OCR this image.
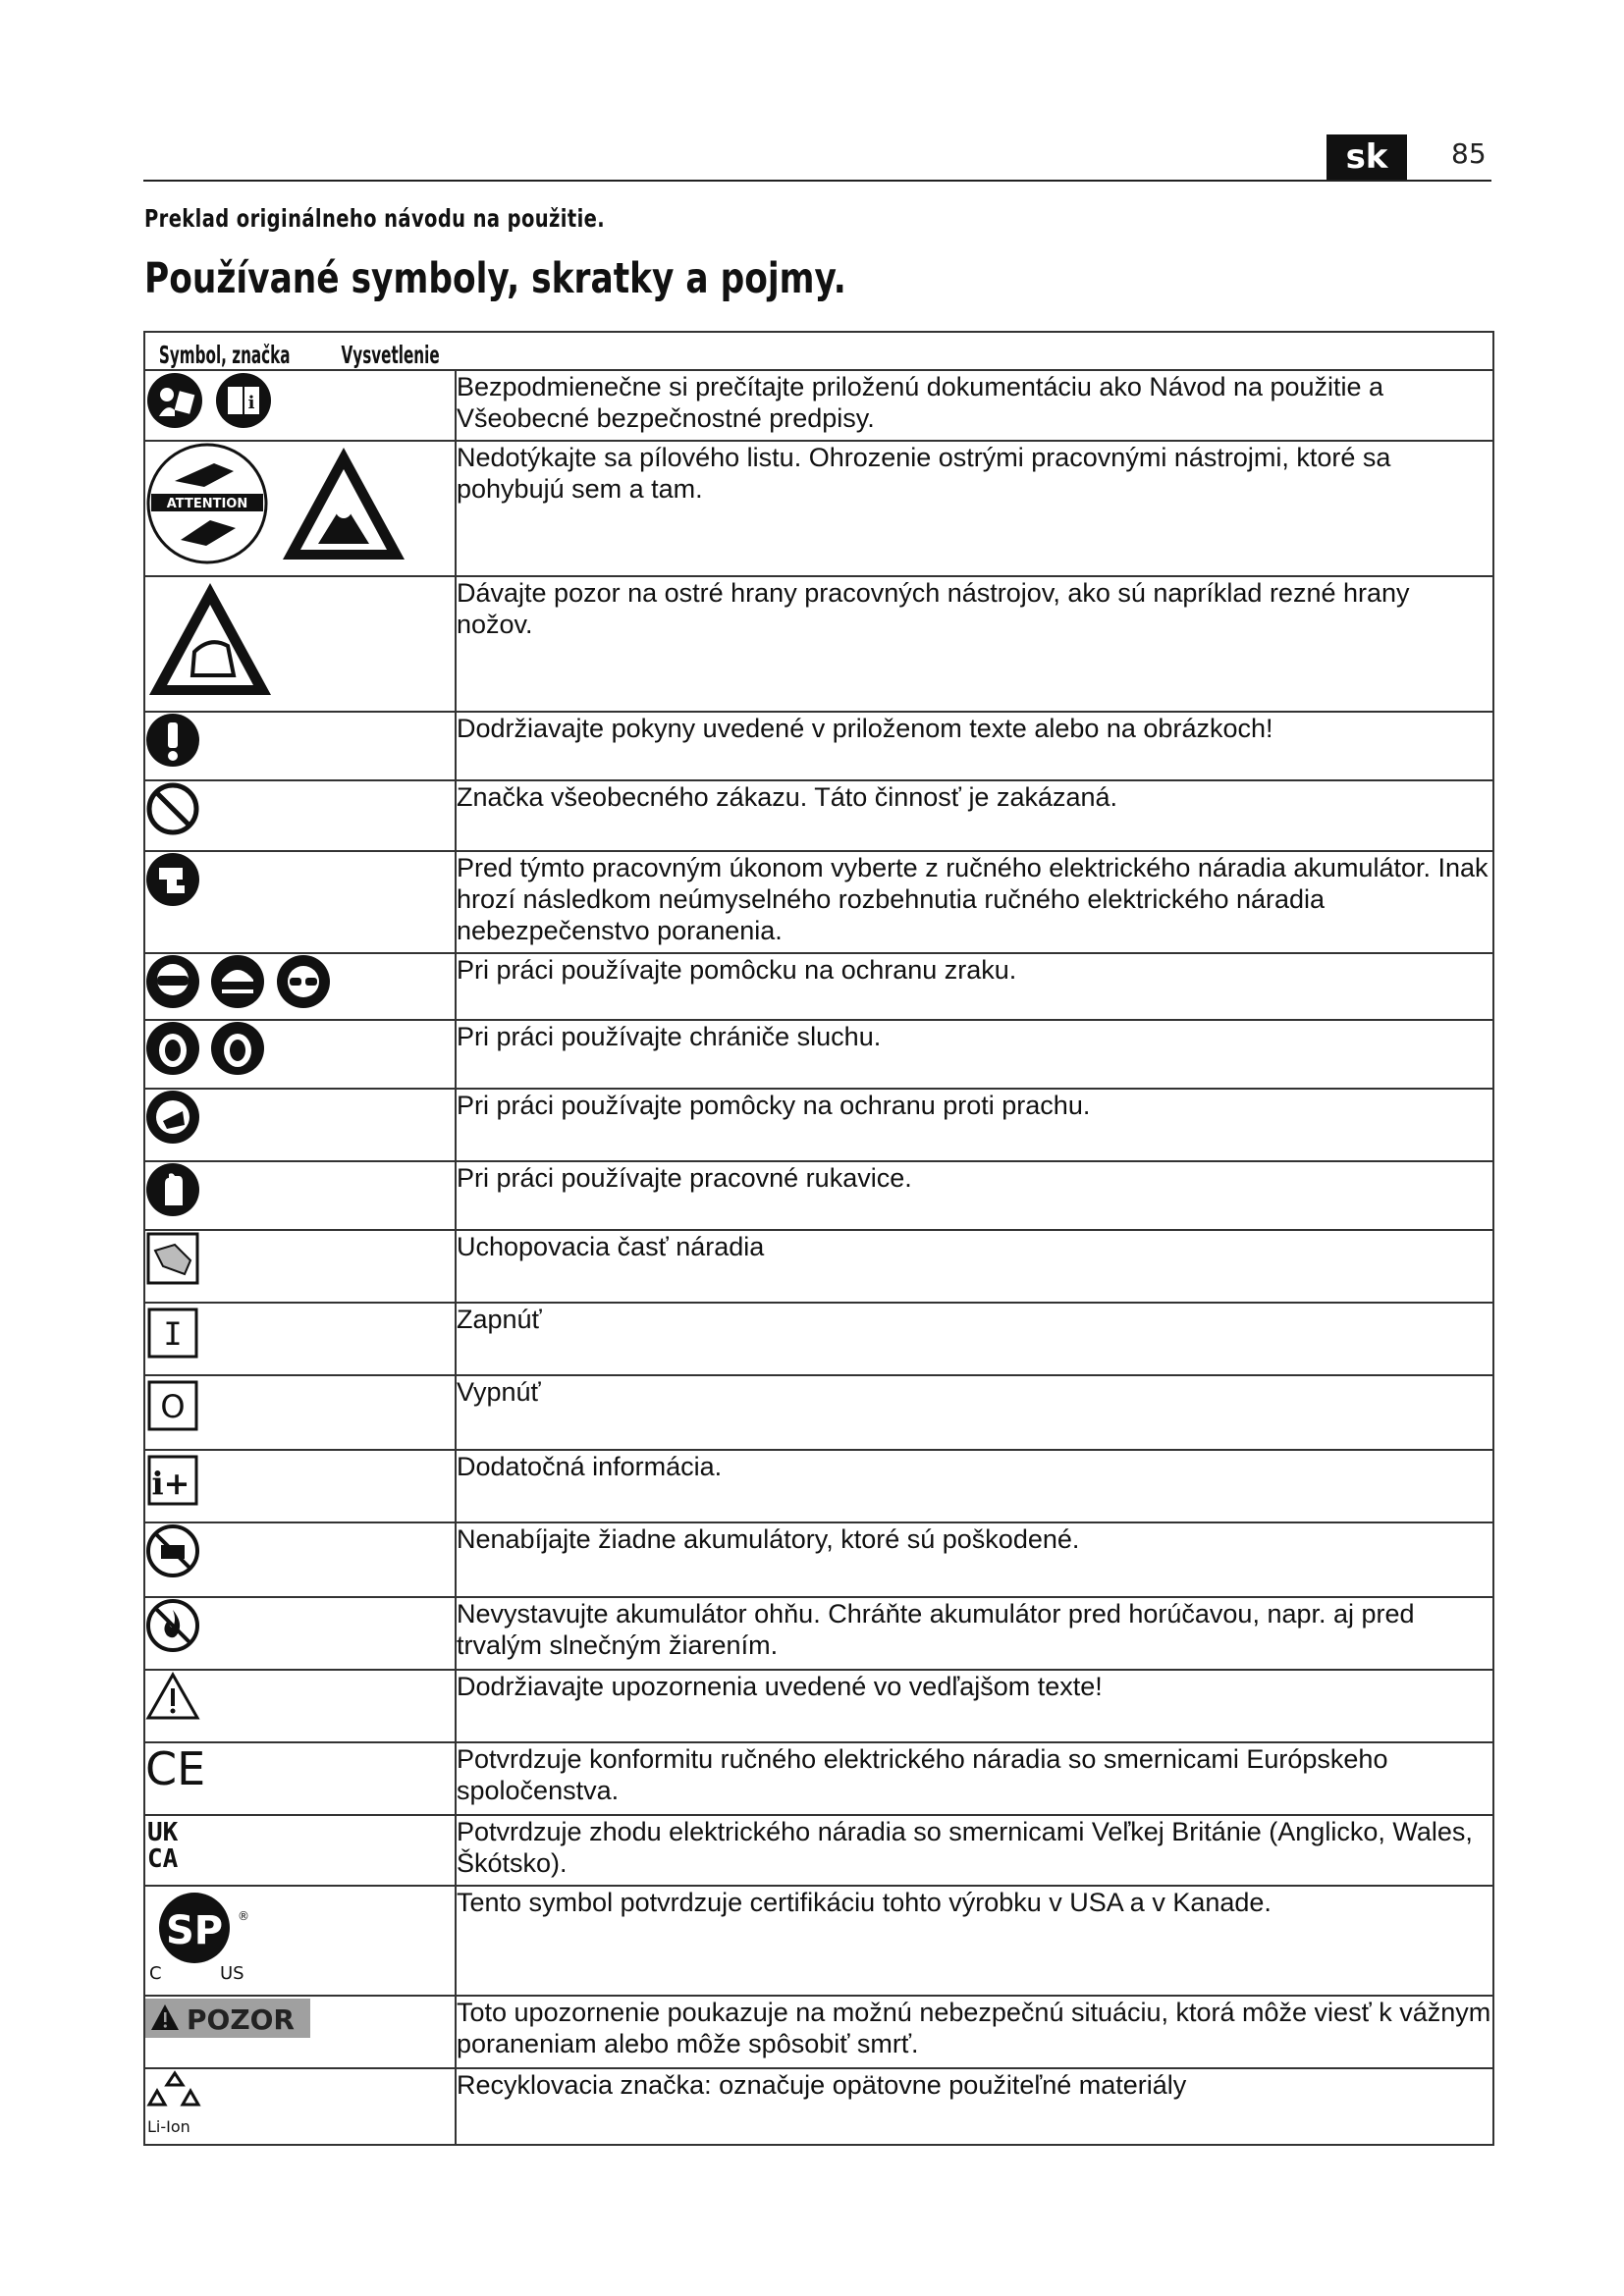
sk	85
Preklad originálneho návodu na použitie.
Používané symboly, skratky a pojmy.
Symbol, značka Vysvetlenie	

i	Bezpodmienečne si prečítajte priloženú dokumentáciu ako Návod na použitie a Všeobecné bezpečnostné predpisy.

ATTENTION	Nedotýkajte sa pílového listu. Ohrozenie ostrými pracovnými nástrojmi, ktoré sa pohybujú sem a tam.
	Dávajte pozor na ostré hrany pracovných nástrojov, ako sú napríklad rezné hrany nožov.
	Dodržiavajte pokyny uvedené v priloženom texte alebo na obrázkoch!
	Značka všeobecného zákazu. Táto činnosť je zakázaná.
	Pred týmto pracovným úkonom vyberte z ručného elektrického náradia akumulátor. Inak hrozí následkom neúmyselného rozbehnutia ručného elektrického náradia nebezpečenstvo poranenia.
	Pri práci používajte pomôcku na ochranu zraku.
	Pri práci používajte chrániče sluchu.
	Pri práci používajte pomôcky na ochranu proti prachu.
	Pri práci používajte pracovné rukavice.
	Uchopovacia časť náradia

I	Zapnúť

O	Vypnúť

i+	Dodatočná informácia.
	Nenabíjajte žiadne akumulátory, ktoré sú poškodené.
	Nevystavujte akumulátor ohňu. Chráňte akumulátor pred horúčavou, napr. aj pred trvalým slnečným žiarením.
	Dodržiavajte upozornenia uvedené vo vedľajšom texte!

CE	Potvrdzuje konformitu ručného elektrického náradia so smernicami Európskeho spoločenstva.

UK
CA	Potvrdzuje zhodu elektrického náradia so smernicami Veľkej Británie (Anglicko, Wales, Škótsko).

SP ®
C US	Tento symbol potvrdzuje certifikáciu tohto výrobku v USA a v Kanade.

POZOR	Toto upozornenie poukazuje na možnú nebezpečnú situáciu, ktorá môže viesť k vážnym poraneniam alebo môže spôsobiť smrť.

Li-Ion	Recyklovacia značka: označuje opätovne použiteľné materiály
